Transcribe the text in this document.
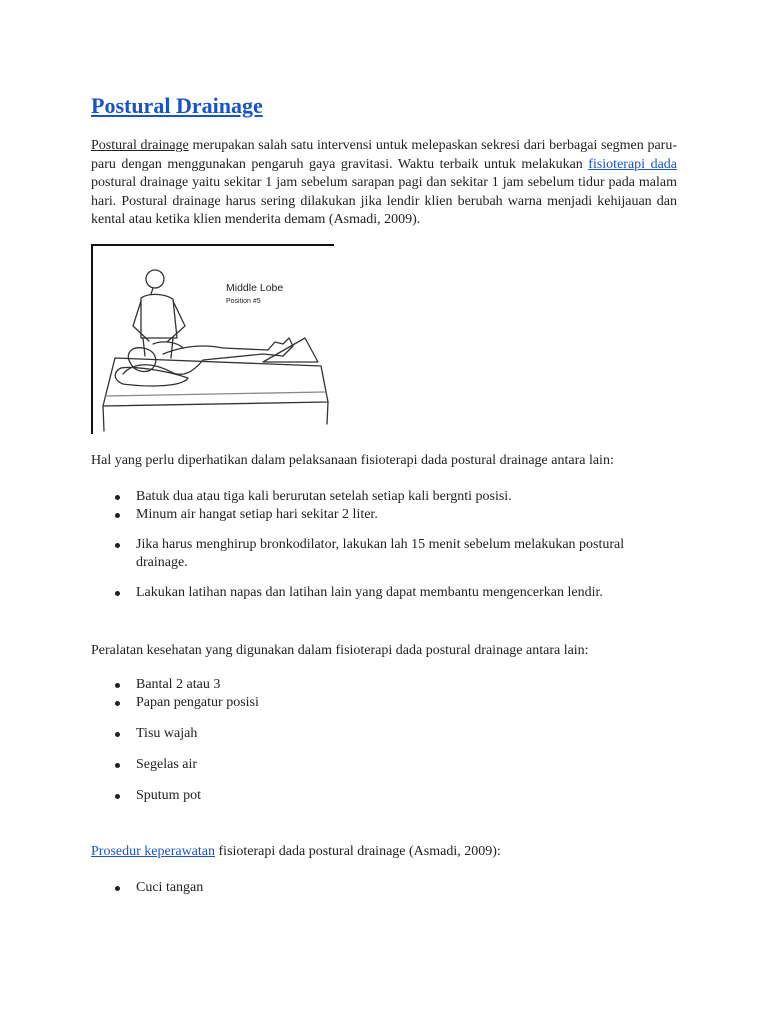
Postural Drainage

Postural drainage merupakan salah satu intervensi untuk melepaskan sekresi dari berbagai segmen paru-paru dengan menggunakan pengaruh gaya gravitasi. Waktu terbaik untuk melakukan fisioterapi dada postural drainage yaitu sekitar 1 jam sebelum sarapan pagi dan sekitar 1 jam sebelum tidur pada malam hari. Postural drainage harus sering dilakukan jika lendir klien berubah warna menjadi kehijauan dan kental atau ketika klien menderita demam (Asmadi, 2009).

Middle Lobe
Position #5

Hal yang perlu diperhatikan dalam pelaksanaan fisioterapi dada postural drainage antara lain:

Batuk dua atau tiga kali berurutan setelah setiap kali bergnti posisi.
Minum air hangat setiap hari sekitar 2 liter.
Jika harus menghirup bronkodilator, lakukan lah 15 menit sebelum melakukan postural drainage.
Lakukan latihan napas dan latihan lain yang dapat membantu mengencerkan lendir.

Peralatan kesehatan yang digunakan dalam fisioterapi dada postural drainage antara lain:

Bantal 2 atau 3
Papan pengatur posisi
Tisu wajah
Segelas air
Sputum pot

Prosedur keperawatan fisioterapi dada postural drainage (Asmadi, 2009):

Cuci tangan
